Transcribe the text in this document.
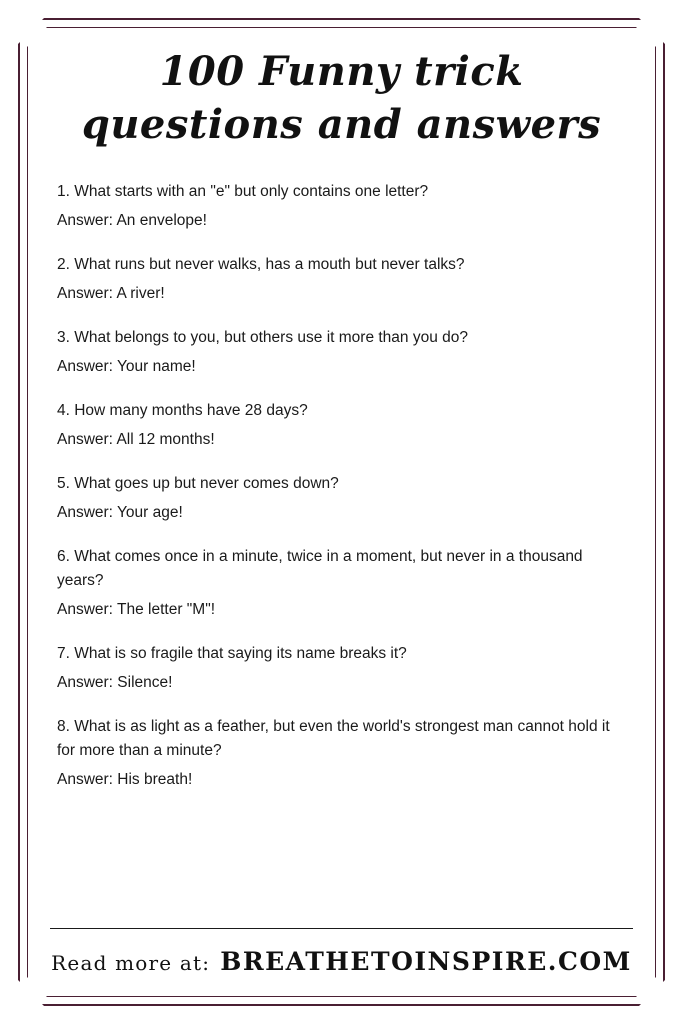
100 Funny trick
questions and answers

1. What starts with an "e" but only contains one letter?

Answer: An envelope!

2. What runs but never walks, has a mouth but never talks?

Answer: A river!

3. What belongs to you, but others use it more than you do?

Answer: Your name!

4. How many months have 28 days?

Answer: All 12 months!

5. What goes up but never comes down?

Answer: Your age!

6. What comes once in a minute, twice in a moment, but never in a thousand years?

Answer: The letter "M"!

7. What is so fragile that saying its name breaks it?

Answer: Silence!

8. What is as light as a feather, but even the world's strongest man cannot hold it for more than a minute?

Answer: His breath!

Read more at: BREATHETOINSPIRE.COM
